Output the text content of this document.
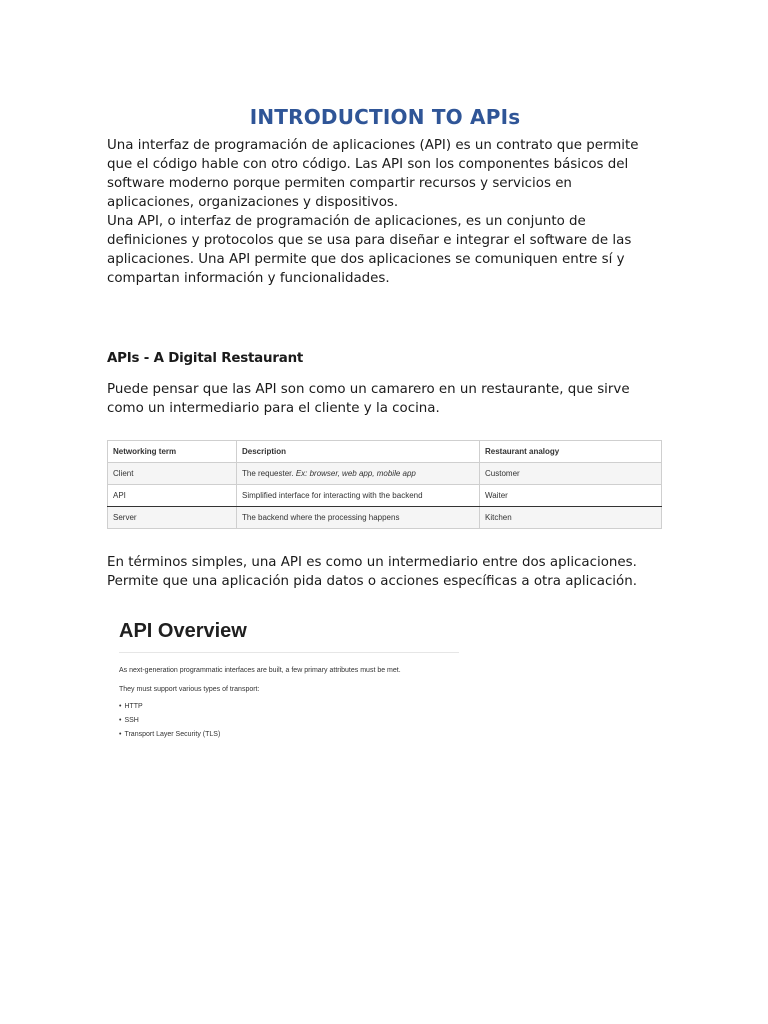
INTRODUCTION TO APIs

Una interfaz de programación de aplicaciones (API) es un contrato que permite que el código hable con otro código. Las API son los componentes básicos del software moderno porque permiten compartir recursos y servicios en aplicaciones, organizaciones y dispositivos.

Una API, o interfaz de programación de aplicaciones, es un conjunto de definiciones y protocolos que se usa para diseñar e integrar el software de las aplicaciones. Una API permite que dos aplicaciones se comuniquen entre sí y compartan información y funcionalidades.

APIs - A Digital Restaurant

Puede pensar que las API son como un camarero en un restaurante, que sirve como un intermediario para el cliente y la cocina.

Networking term	Description	Restaurant analogy
Client	The requester. Ex: browser, web app, mobile app	Customer
API	Simplified interface for interacting with the backend	Waiter
Server	The backend where the processing happens	Kitchen

En términos simples, una API es como un intermediario entre dos aplicaciones. Permite que una aplicación pida datos o acciones específicas a otra aplicación.

API Overview

As next-generation programmatic interfaces are built, a few primary attributes must be met.

They must support various types of transport:

• HTTP
• SSH
• Transport Layer Security (TLS)
